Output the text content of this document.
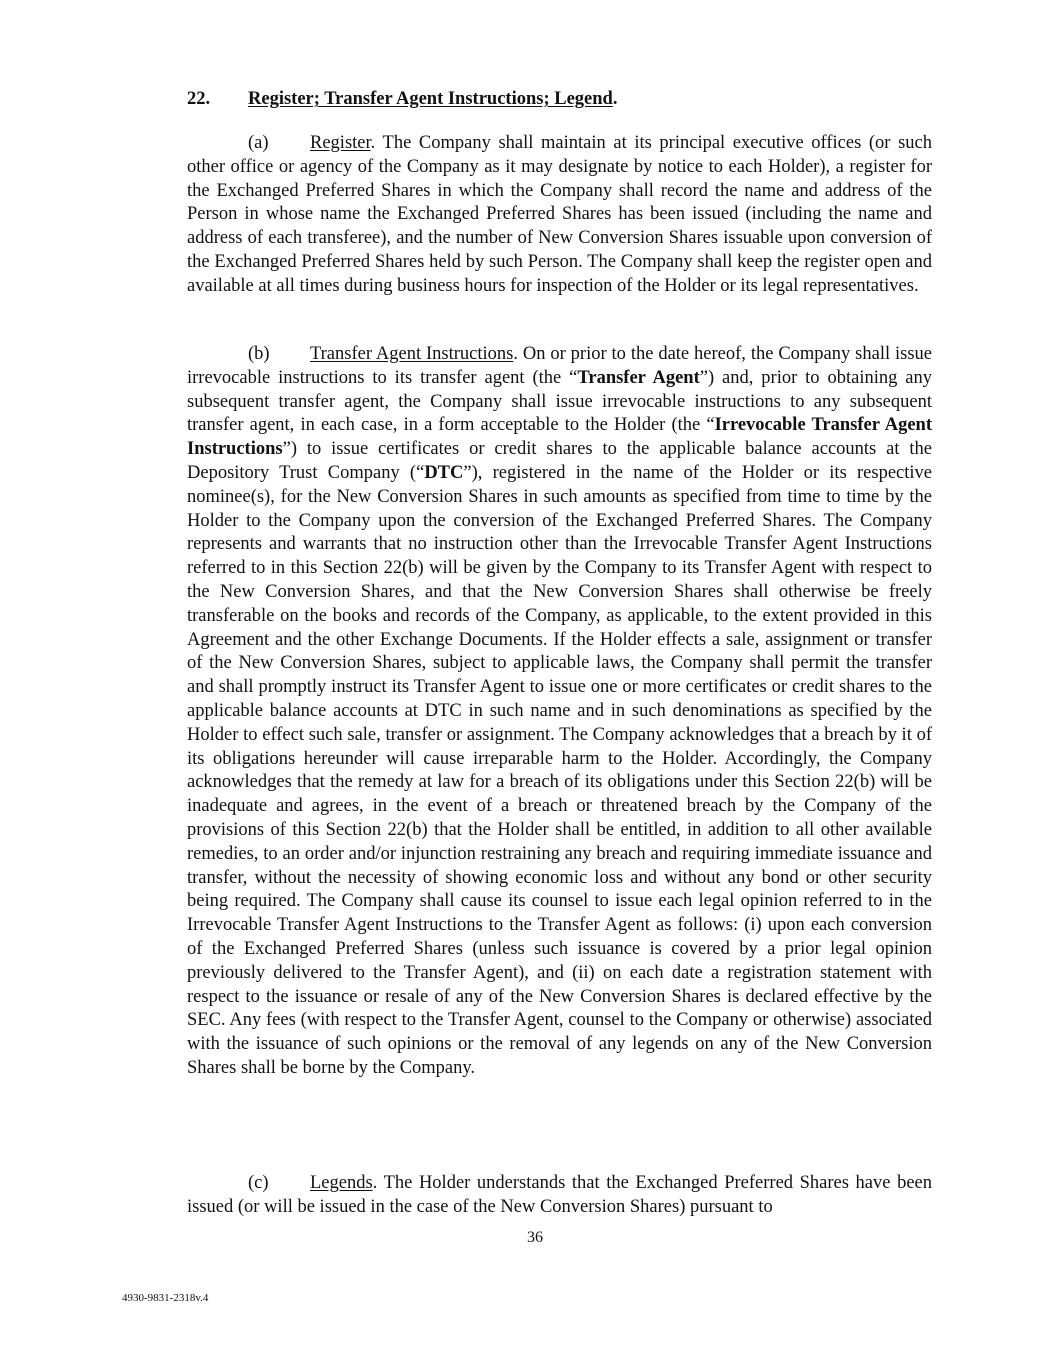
22. Register; Transfer Agent Instructions; Legend.

(a) Register. The Company shall maintain at its principal executive offices (or such other office or agency of the Company as it may designate by notice to each Holder), a register for the Exchanged Preferred Shares in which the Company shall record the name and address of the Person in whose name the Exchanged Preferred Shares has been issued (including the name and address of each transferee), and the number of New Conversion Shares issuable upon conversion of the Exchanged Preferred Shares held by such Person. The Company shall keep the register open and available at all times during business hours for inspection of the Holder or its legal representatives.

(b) Transfer Agent Instructions. On or prior to the date hereof, the Company shall issue irrevocable instructions to its transfer agent (the “Transfer Agent”) and, prior to obtaining any subsequent transfer agent, the Company shall issue irrevocable instructions to any subsequent transfer agent, in each case, in a form acceptable to the Holder (the “Irrevocable Transfer Agent Instructions”) to issue certificates or credit shares to the applicable balance accounts at the Depository Trust Company (“DTC”), registered in the name of the Holder or its respective nominee(s), for the New Conversion Shares in such amounts as specified from time to time by the Holder to the Company upon the conversion of the Exchanged Preferred Shares. The Company represents and warrants that no instruction other than the Irrevocable Transfer Agent Instructions referred to in this Section 22(b) will be given by the Company to its Transfer Agent with respect to the New Conversion Shares, and that the New Conversion Shares shall otherwise be freely transferable on the books and records of the Company, as applicable, to the extent provided in this Agreement and the other Exchange Documents. If the Holder effects a sale, assignment or transfer of the New Conversion Shares, subject to applicable laws, the Company shall permit the transfer and shall promptly instruct its Transfer Agent to issue one or more certificates or credit shares to the applicable balance accounts at DTC in such name and in such denominations as specified by the Holder to effect such sale, transfer or assignment. The Company acknowledges that a breach by it of its obligations hereunder will cause irreparable harm to the Holder. Accordingly, the Company acknowledges that the remedy at law for a breach of its obligations under this Section 22(b) will be inadequate and agrees, in the event of a breach or threatened breach by the Company of the provisions of this Section 22(b) that the Holder shall be entitled, in addition to all other available remedies, to an order and/or injunction restraining any breach and requiring immediate issuance and transfer, without the necessity of showing economic loss and without any bond or other security being required. The Company shall cause its counsel to issue each legal opinion referred to in the Irrevocable Transfer Agent Instructions to the Transfer Agent as follows: (i) upon each conversion of the Exchanged Preferred Shares (unless such issuance is covered by a prior legal opinion previously delivered to the Transfer Agent), and (ii) on each date a registration statement with respect to the issuance or resale of any of the New Conversion Shares is declared effective by the SEC. Any fees (with respect to the Transfer Agent, counsel to the Company or otherwise) associated with the issuance of such opinions or the removal of any legends on any of the New Conversion Shares shall be borne by the Company.

(c) Legends. The Holder understands that the Exchanged Preferred Shares have been issued (or will be issued in the case of the New Conversion Shares) pursuant to

36
4930-9831-2318v.4
